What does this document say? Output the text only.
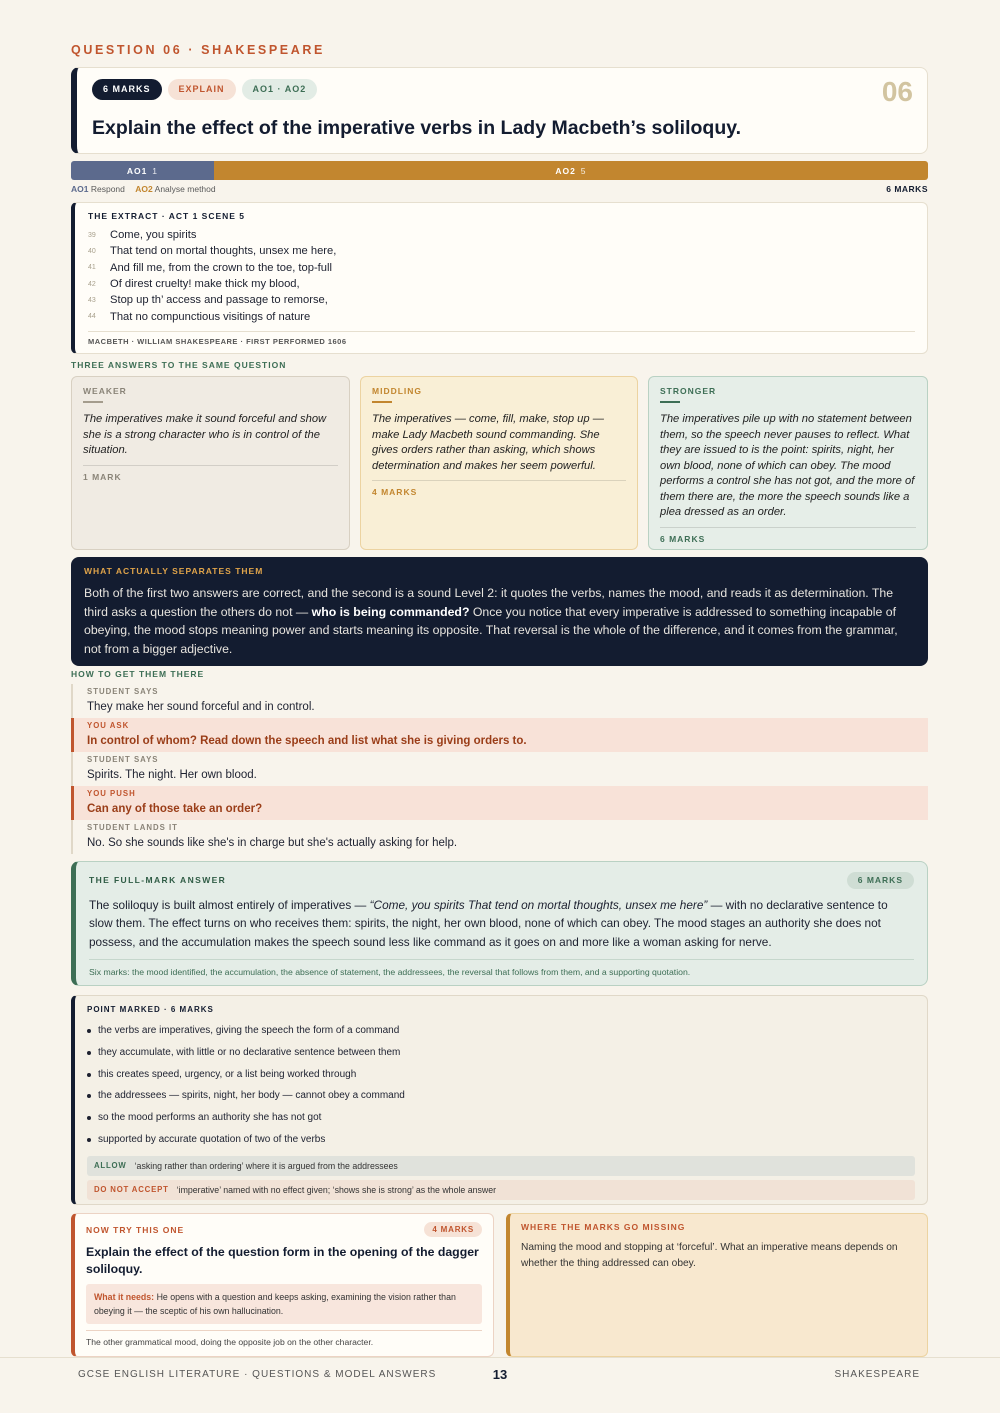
QUESTION 06 · SHAKESPEARE
6 MARKS	EXPLAIN	AO1 · AO2	06
Explain the effect of the imperative verbs in Lady Macbeth’s soliloquy.
AO1 1	AO2 5
AO1 Respond AO2 Analyse method	6 MARKS
THE EXTRACT · ACT 1 SCENE 5
39	Come, you spirits
40	That tend on mortal thoughts, unsex me here,
41	And fill me, from the crown to the toe, top-full
42	Of direst cruelty! make thick my blood,
43	Stop up th’ access and passage to remorse,
44	That no compunctious visitings of nature
MACBETH · WILLIAM SHAKESPEARE · FIRST PERFORMED 1606
THREE ANSWERS TO THE SAME QUESTION
WEAKER
The imperatives make it sound forceful and show she is a strong character who is in control of the situation.
1 MARK
MIDDLING
The imperatives — come, fill, make, stop up — make Lady Macbeth sound commanding. She gives orders rather than asking, which shows determination and makes her seem powerful.
4 MARKS
STRONGER
The imperatives pile up with no statement between them, so the speech never pauses to reflect. What they are issued to is the point: spirits, night, her own blood, none of which can obey. The mood performs a control she has not got, and the more of them there are, the more the speech sounds like a plea dressed as an order.
6 MARKS
WHAT ACTUALLY SEPARATES THEM
Both of the first two answers are correct, and the second is a sound Level 2: it quotes the verbs, names the mood, and reads it as determination. The third asks a question the others do not — who is being commanded? Once you notice that every imperative is addressed to something incapable of obeying, the mood stops meaning power and starts meaning its opposite. That reversal is the whole of the difference, and it comes from the grammar, not from a bigger adjective.
HOW TO GET THEM THERE
STUDENT SAYS
They make her sound forceful and in control.
YOU ASK
In control of whom? Read down the speech and list what she is giving orders to.
STUDENT SAYS
Spirits. The night. Her own blood.
YOU PUSH
Can any of those take an order?
STUDENT LANDS IT
No. So she sounds like she's in charge but she's actually asking for help.
THE FULL-MARK ANSWER	6 MARKS
The soliloquy is built almost entirely of imperatives — “Come, you spirits That tend on mortal thoughts, unsex me here” — with no declarative sentence to slow them. The effect turns on who receives them: spirits, the night, her own blood, none of which can obey. The mood stages an authority she does not possess, and the accumulation makes the speech sound less like command as it goes on and more like a woman asking for nerve.
Six marks: the mood identified, the accumulation, the absence of statement, the addressees, the reversal that follows from them, and a supporting quotation.
POINT MARKED · 6 MARKS
the verbs are imperatives, giving the speech the form of a command
they accumulate, with little or no declarative sentence between them
this creates speed, urgency, or a list being worked through
the addressees — spirits, night, her body — cannot obey a command
so the mood performs an authority she has not got
supported by accurate quotation of two of the verbs
ALLOW ‘asking rather than ordering’ where it is argued from the addressees
DO NOT ACCEPT ‘imperative’ named with no effect given; ‘shows she is strong’ as the whole answer
NOW TRY THIS ONE	4 MARKS
Explain the effect of the question form in the opening of the dagger soliloquy.
What it needs: He opens with a question and keeps asking, examining the vision rather than obeying it — the sceptic of his own hallucination.
The other grammatical mood, doing the opposite job on the other character.
WHERE THE MARKS GO MISSING
Naming the mood and stopping at ‘forceful’. What an imperative means depends on whether the thing addressed can obey.
GCSE ENGLISH LITERATURE · QUESTIONS & MODEL ANSWERS	13	SHAKESPEARE
